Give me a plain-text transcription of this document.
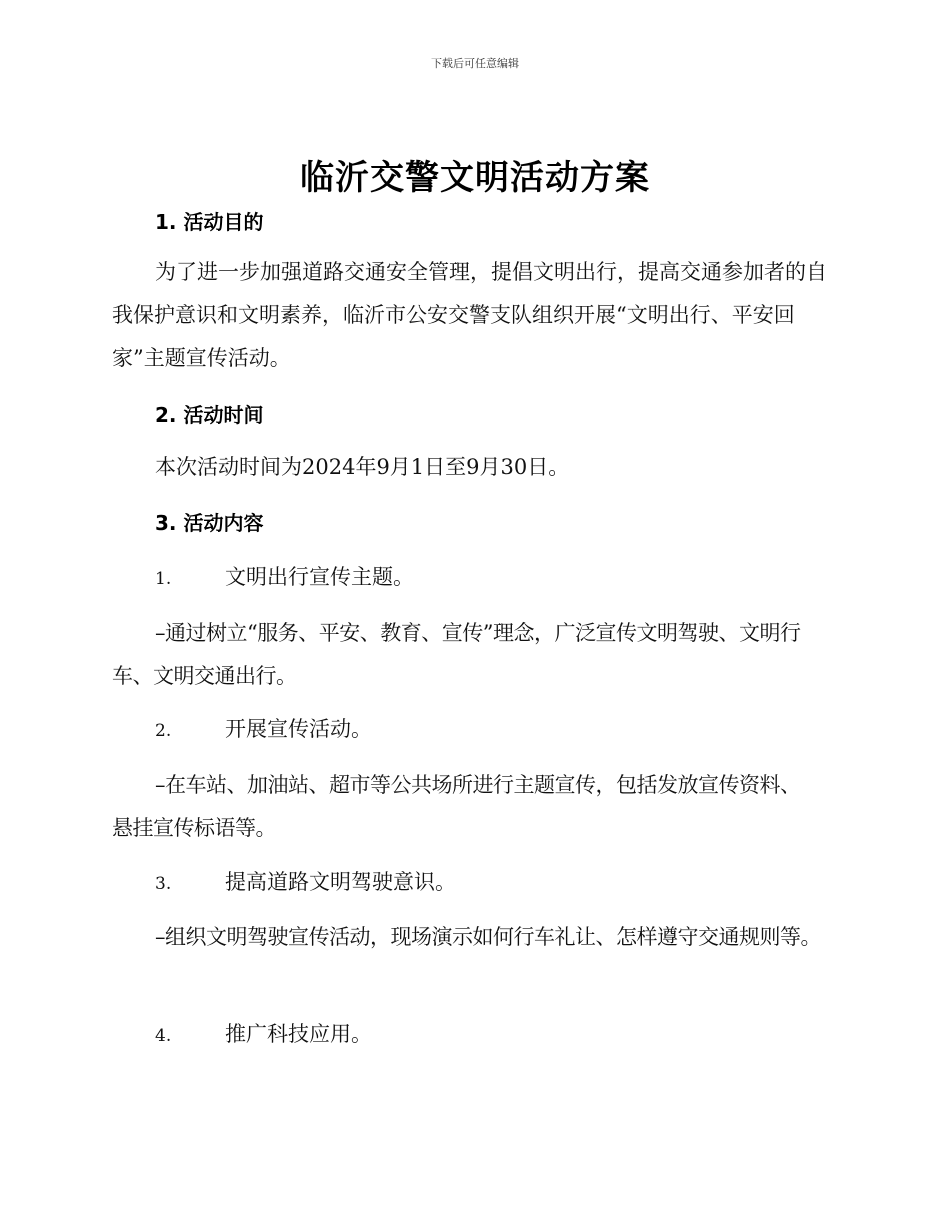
下载后可任意编辑
临沂交警文明活动方案
1. 活动目的
为了进一步加强道路交通安全管理，提倡文明出行，提高交通参加者的自我保护意识和文明素养，临沂市公安交警支队组织开展“文明出行、平安回家”主题宣传活动。
2. 活动时间
本次活动时间为2024年9月1日至9月30日。
3. 活动内容
1.	文明出行宣传主题。
–通过树立“服务、平安、教育、宣传”理念，广泛宣传文明驾驶、文明行车、文明交通出行。
2.	开展宣传活动。
–在车站、加油站、超市等公共场所进行主题宣传，包括发放宣传资料、悬挂宣传标语等。
3.	提高道路文明驾驶意识。
–组织文明驾驶宣传活动，现场演示如何行车礼让、怎样遵守交通规则等。
4.	推广科技应用。
